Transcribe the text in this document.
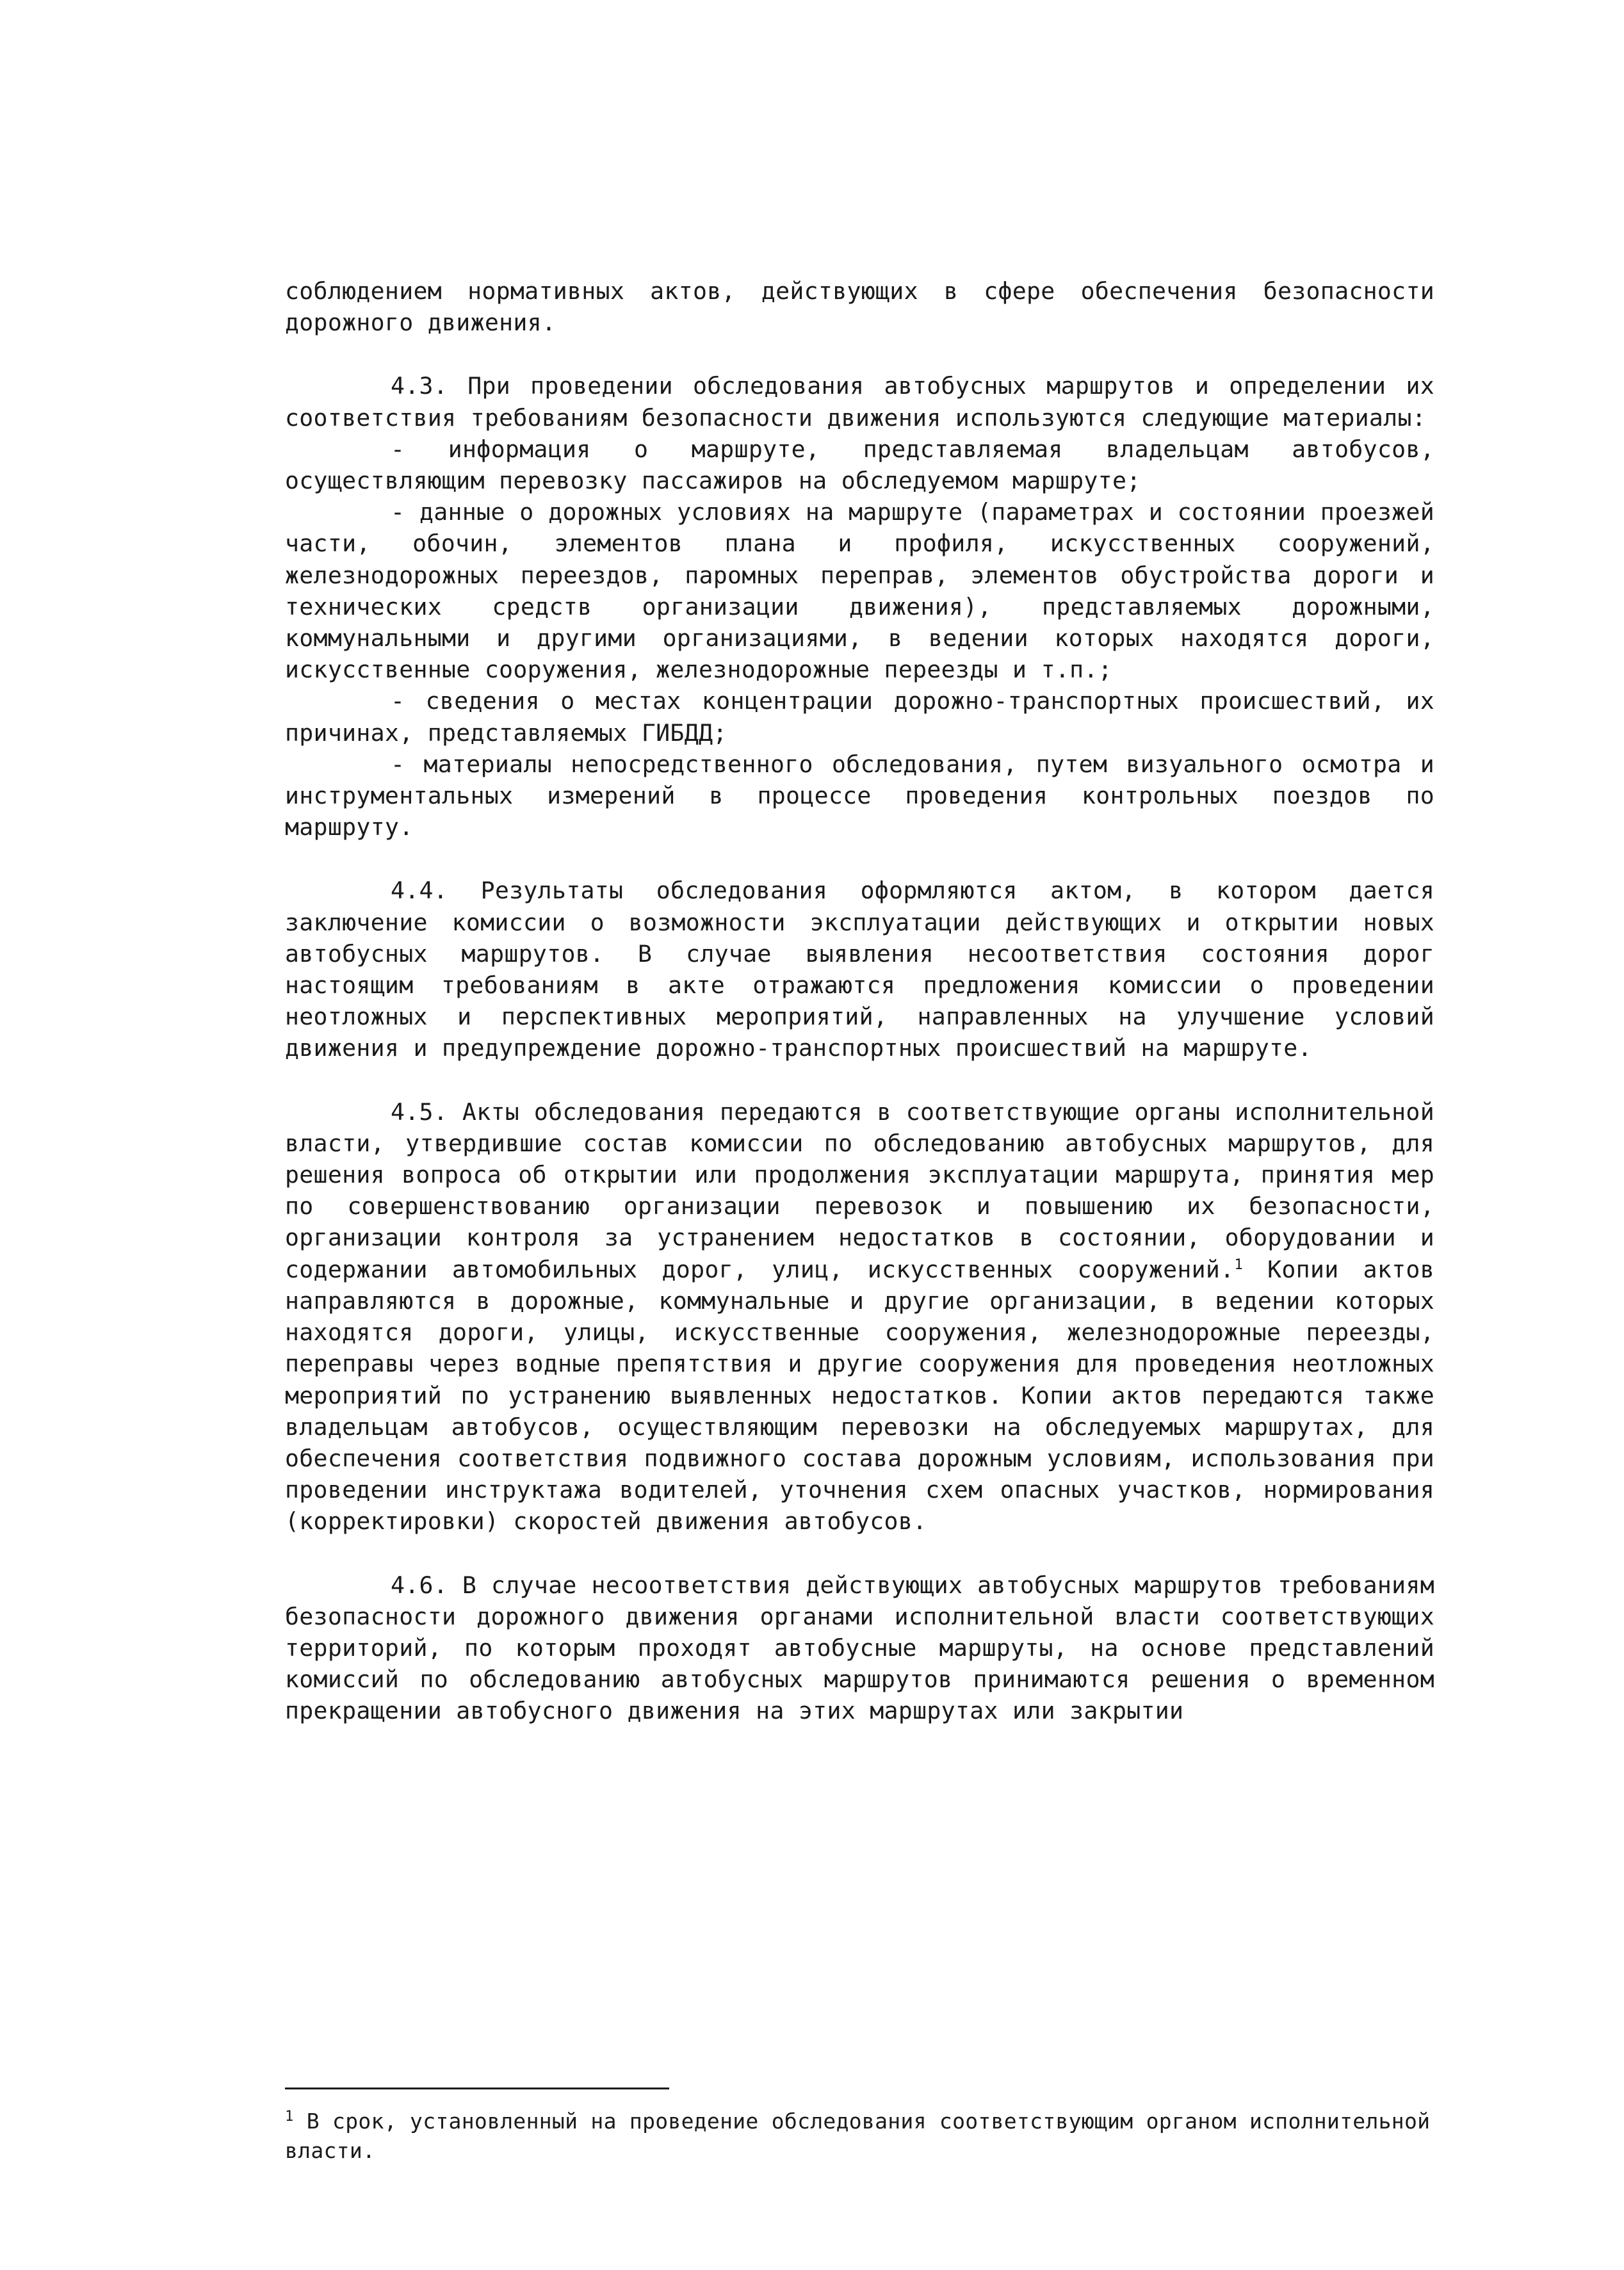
соблюдением нормативных актов, действующих в сфере обеспечения безопасности дорожного движения.

4.3. При проведении обследования автобусных маршрутов и определении их соответствия требованиям безопасности движения используются следующие материалы:

- информация о маршруте, представляемая владельцам автобусов, осуществляющим перевозку пассажиров на обследуемом маршруте;

- данные о дорожных условиях на маршруте (параметрах и состоянии проезжей части, обочин, элементов плана и профиля, искусственных сооружений, железнодорожных переездов, паромных переправ, элементов обустройства дороги и технических средств организации движения), представляемых дорожными, коммунальными и другими организациями, в ведении которых находятся дороги, искусственные сооружения, железнодорожные переезды и т.п.;

- сведения о местах концентрации дорожно-транспортных происшествий, их причинах, представляемых ГИБДД;

- материалы непосредственного обследования, путем визуального осмотра и инструментальных измерений в процессе проведения контрольных поездов по маршруту.

4.4. Результаты обследования оформляются актом, в котором дается заключение комиссии о возможности эксплуатации действующих и открытии новых автобусных маршрутов. В случае выявления несоответствия состояния дорог настоящим требованиям в акте отражаются предложения комиссии о проведении неотложных и перспективных мероприятий, направленных на улучшение условий движения и предупреждение дорожно-транспортных происшествий на маршруте.

4.5. Акты обследования передаются в соответствующие органы исполнительной власти, утвердившие состав комиссии по обследованию автобусных маршрутов, для решения вопроса об открытии или продолжения эксплуатации маршрута, принятия мер по совершенствованию организации перевозок и повышению их безопасности, организации контроля за устранением недостатков в состоянии, оборудовании и содержании автомобильных дорог, улиц, искусственных сооружений.$^1$ Копии актов направляются в дорожные, коммунальные и другие организации, в ведении которых находятся дороги, улицы, искусственные сооружения, железнодорожные переезды, переправы через водные препятствия и другие сооружения для проведения неотложных мероприятий по устранению выявленных недостатков. Копии актов передаются также владельцам автобусов, осуществляющим перевозки на обследуемых маршрутах, для обеспечения соответствия подвижного состава дорожным условиям, использования при проведении инструктажа водителей, уточнения схем опасных участков, нормирования (корректировки) скоростей движения автобусов.

4.6. В случае несоответствия действующих автобусных маршрутов требованиям безопасности дорожного движения органами исполнительной власти соответствующих территорий, по которым проходят автобусные маршруты, на основе представлений комиссий по обследованию автобусных маршрутов принимаются решения о временном прекращении автобусного движения на этих маршрутах или закрытии

$^1$ В срок, установленный на проведение обследования соответствующим органом исполнительной власти.
